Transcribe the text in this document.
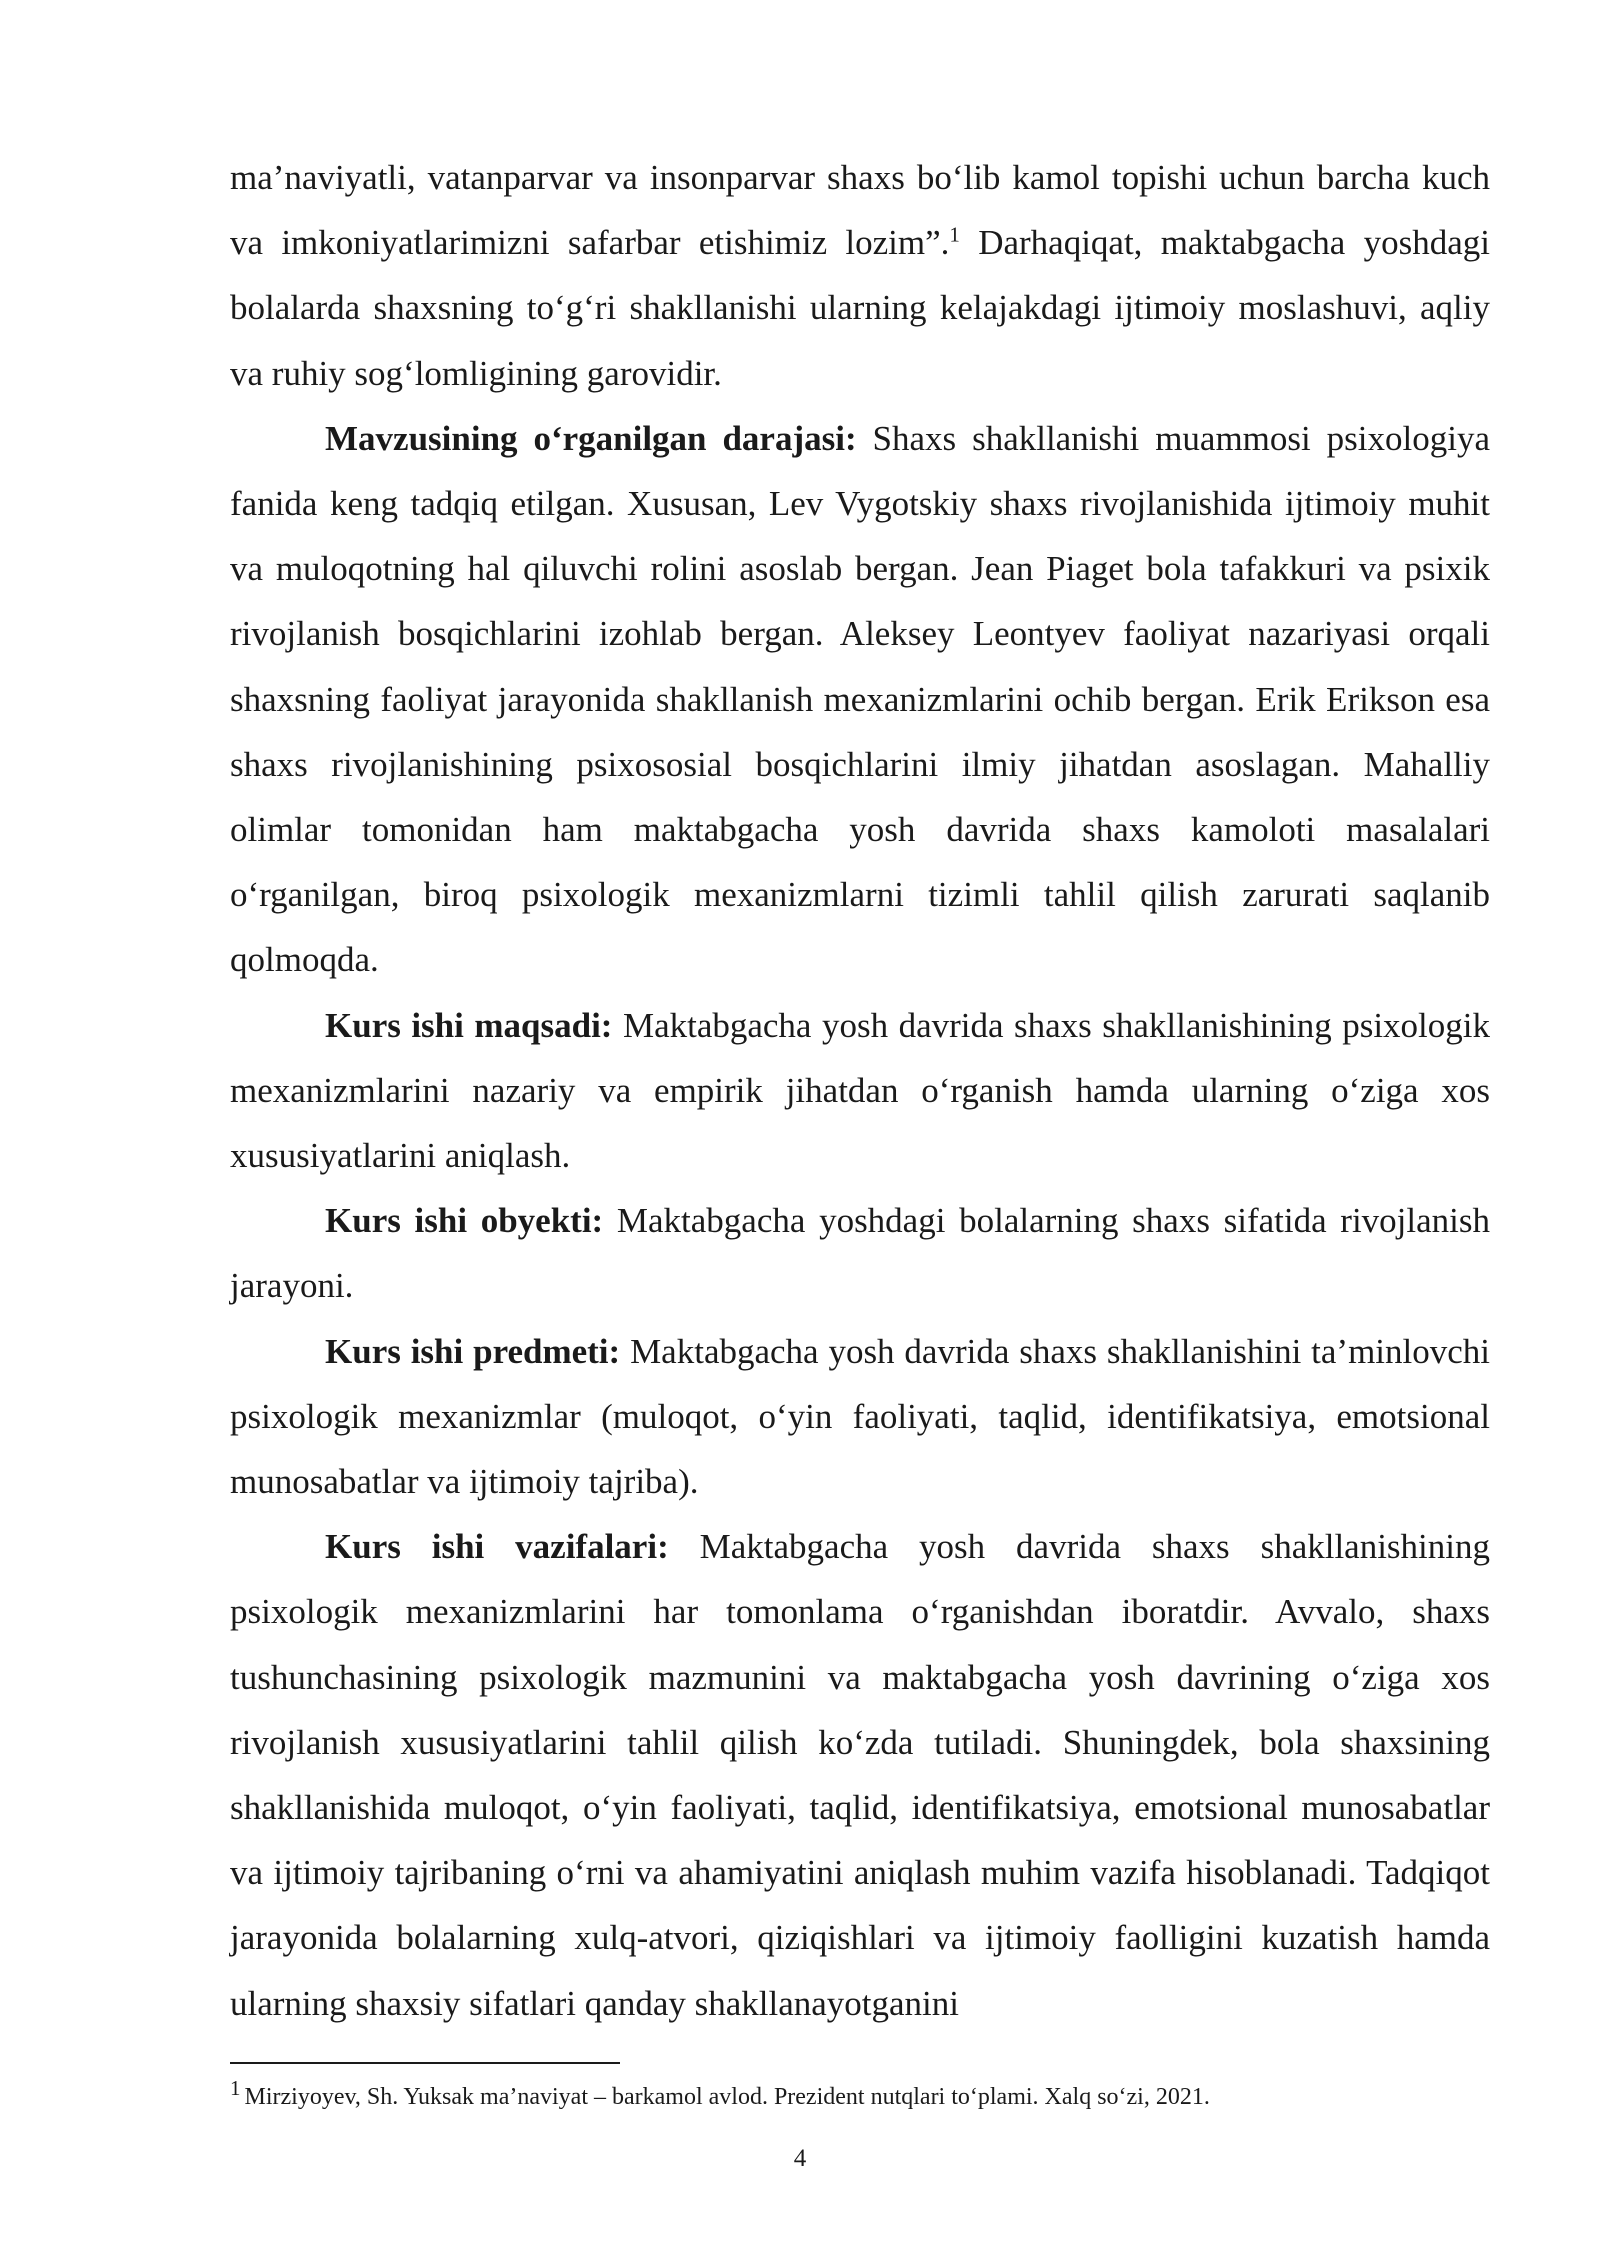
ma’naviyatli, vatanparvar va insonparvar shaxs bo‘lib kamol topishi uchun barcha kuch va imkoniyatlarimizni safarbar etishimiz lozim”.$^1$ Darhaqiqat, maktabgacha yoshdagi bolalarda shaxsning to‘g‘ri shakllanishi ularning kelajakdagi ijtimoiy moslashuvi, aqliy va ruhiy sog‘lomligining garovidir.

Mavzusining o‘rganilgan darajasi: Shaxs shakllanishi muammosi psixologiya fanida keng tadqiq etilgan. Xususan, Lev Vygotskiy shaxs rivojlanishida ijtimoiy muhit va muloqotning hal qiluvchi rolini asoslab bergan. Jean Piaget bola tafakkuri va psixik rivojlanish bosqichlarini izohlab bergan. Aleksey Leontyev faoliyat nazariyasi orqali shaxsning faoliyat jarayonida shakllanish mexanizmlarini ochib bergan. Erik Erikson esa shaxs rivojlanishining psixososial bosqichlarini ilmiy jihatdan asoslagan. Mahalliy olimlar tomonidan ham maktabgacha yosh davrida shaxs kamoloti masalalari o‘rganilgan, biroq psixologik mexanizmlarni tizimli tahlil qilish zarurati saqlanib qolmoqda.

Kurs ishi maqsadi: Maktabgacha yosh davrida shaxs shakllanishining psixologik mexanizmlarini nazariy va empirik jihatdan o‘rganish hamda ularning o‘ziga xos xususiyatlarini aniqlash.

Kurs ishi obyekti: Maktabgacha yoshdagi bolalarning shaxs sifatida rivojlanish jarayoni.

Kurs ishi predmeti: Maktabgacha yosh davrida shaxs shakllanishini ta’minlovchi psixologik mexanizmlar (muloqot, o‘yin faoliyati, taqlid, identifikatsiya, emotsional munosabatlar va ijtimoiy tajriba).

Kurs ishi vazifalari: Maktabgacha yosh davrida shaxs shakllanishining psixologik mexanizmlarini har tomonlama o‘rganishdan iboratdir. Avvalo, shaxs tushunchasining psixologik mazmunini va maktabgacha yosh davrining o‘ziga xos rivojlanish xususiyatlarini tahlil qilish ko‘zda tutiladi. Shuningdek, bola shaxsining shakllanishida muloqot, o‘yin faoliyati, taqlid, identifikatsiya, emotsional munosabatlar va ijtimoiy tajribaning o‘rni va ahamiyatini aniqlash muhim vazifa hisoblanadi. Tadqiqot jarayonida bolalarning xulq-atvori, qiziqishlari va ijtimoiy faolligini kuzatish hamda ularning shaxsiy sifatlari qanday shakllanayotganini

1 Mirziyoyev, Sh. Yuksak ma’naviyat – barkamol avlod. Prezident nutqlari to‘plami. Xalq so‘zi, 2021.
4
